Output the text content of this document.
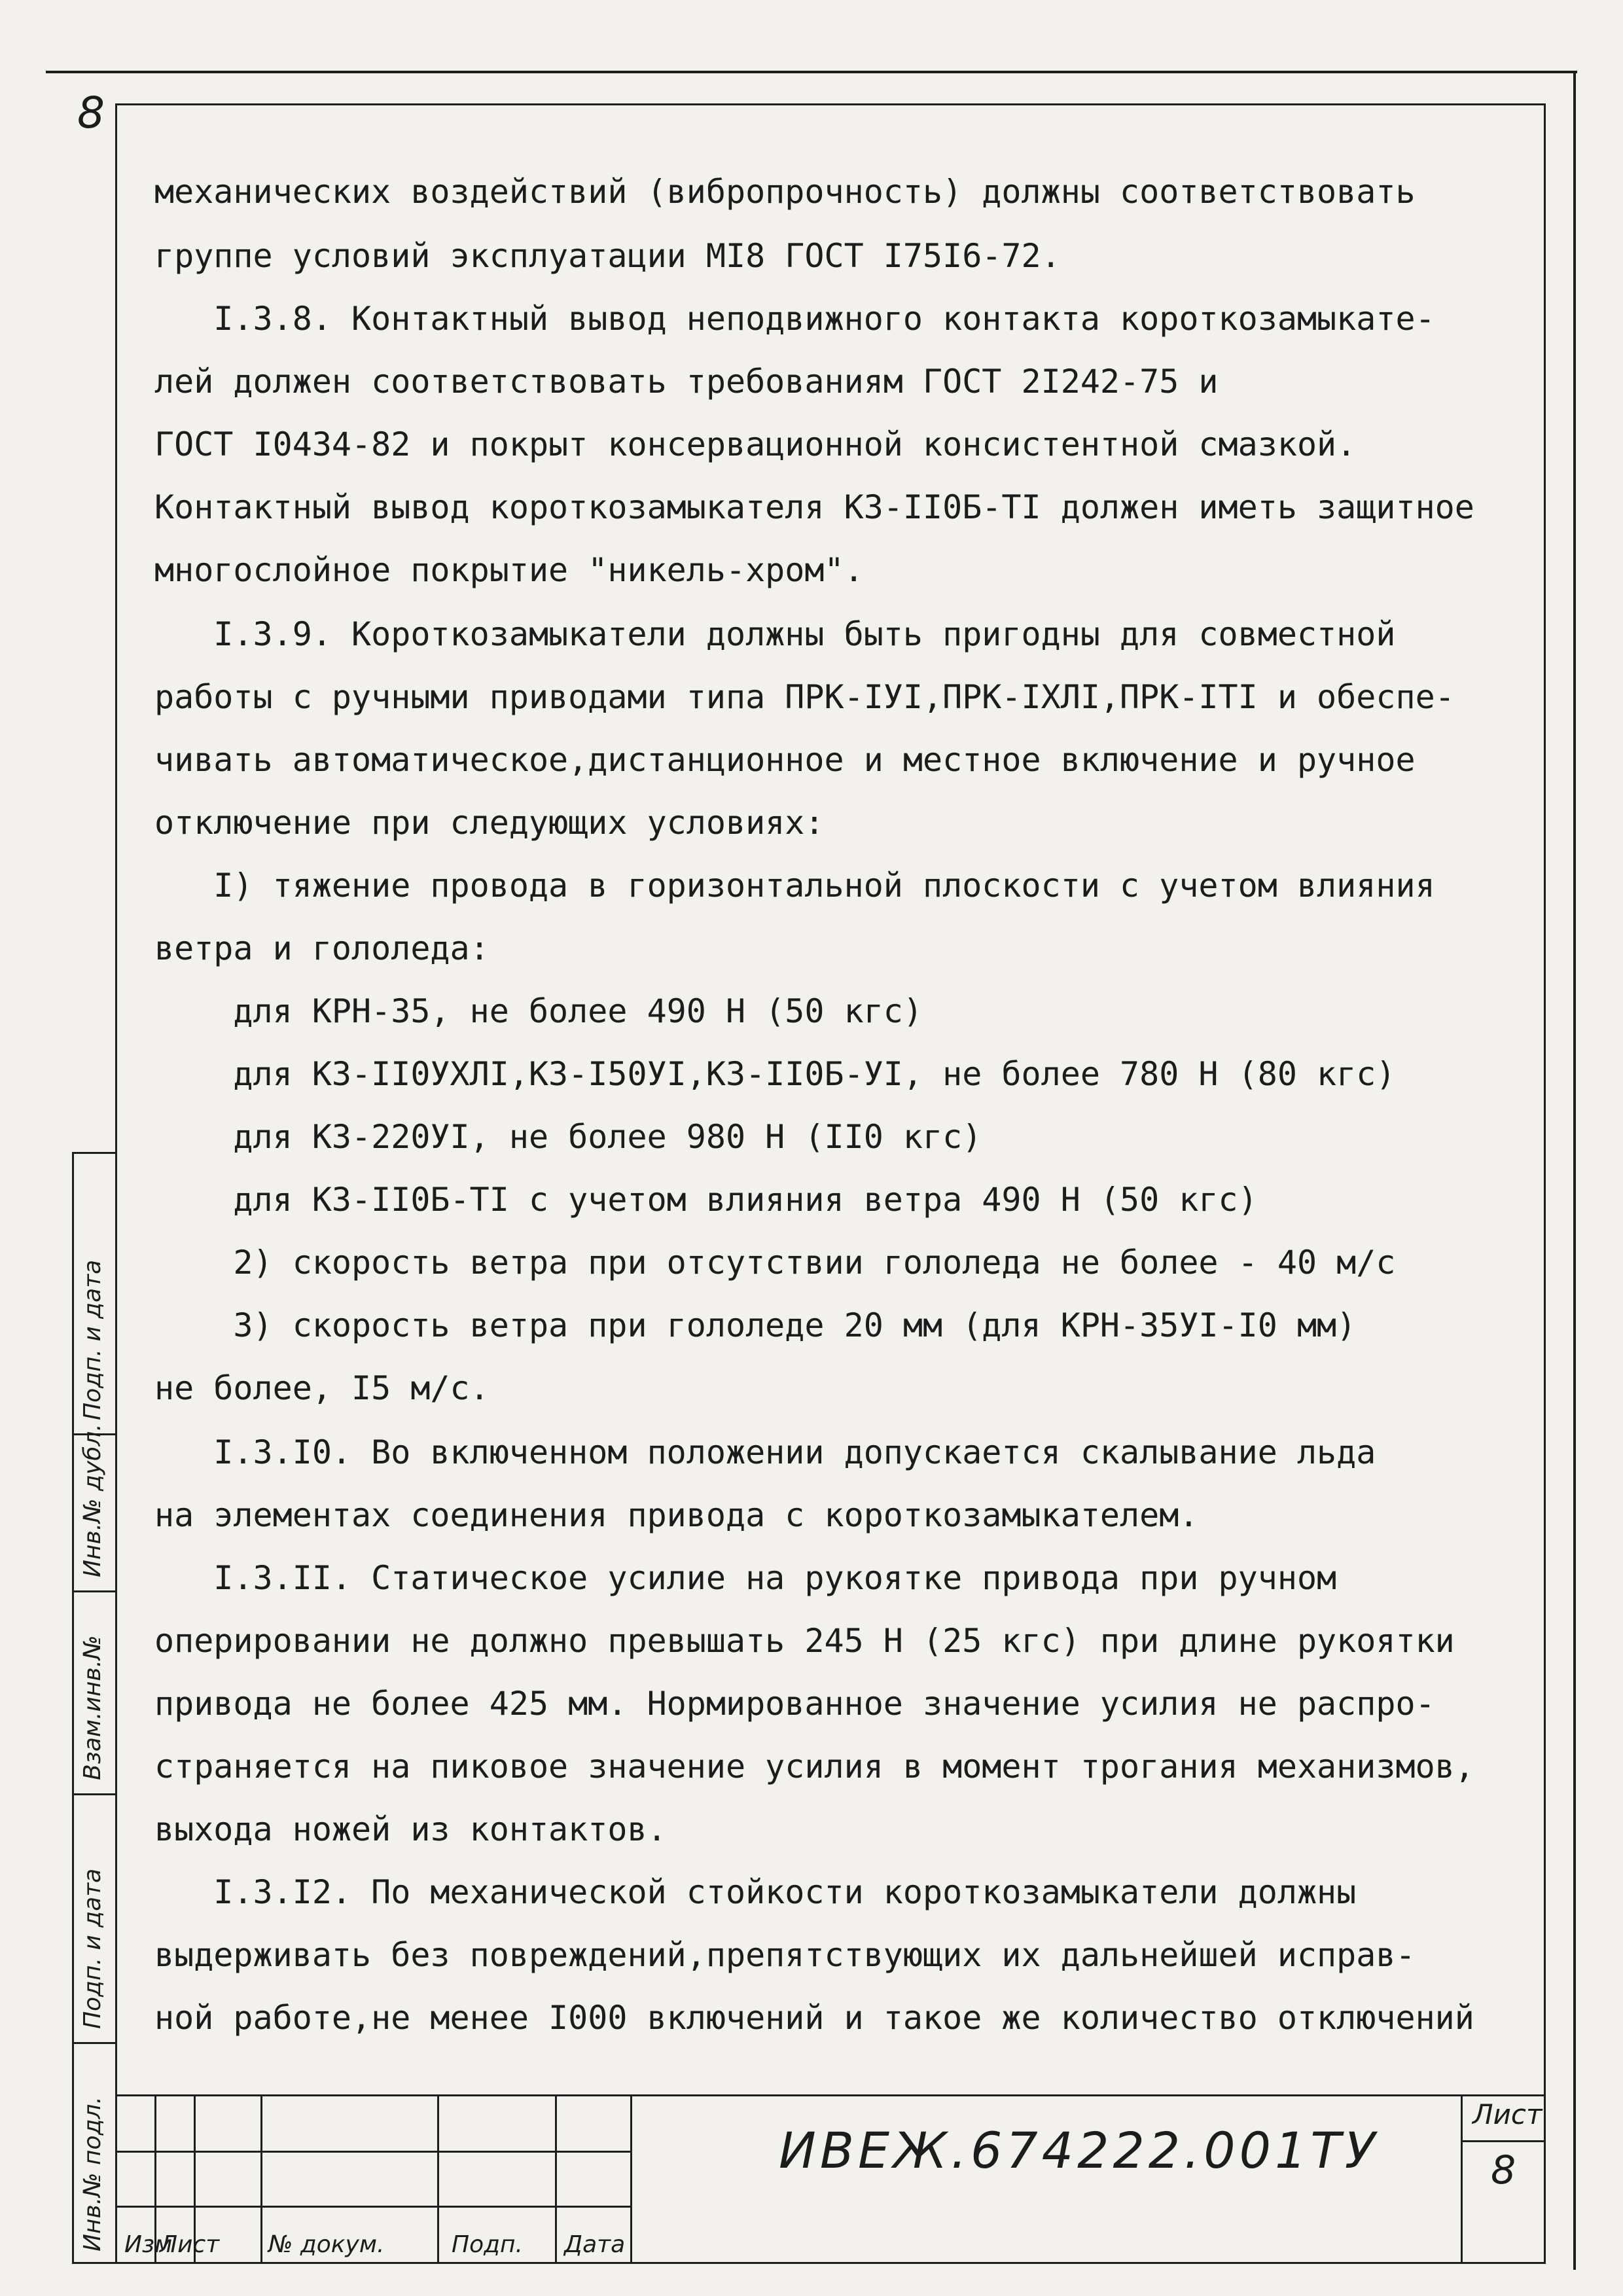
8
механических воздействий (вибропрочность) должны соответствовать
группе условий эксплуатации МI8 ГОСТ I75I6-72.
I.3.8. Контактный вывод неподвижного контакта короткозамыкате-
лей должен соответствовать требованиям ГОСТ 2I242-75 и
ГОСТ I0434-82 и покрыт консервационной консистентной смазкой.
Контактный вывод короткозамыкателя КЗ-II0Б-ТI должен иметь защитное
многослойное покрытие "никель-хром".
I.3.9. Короткозамыкатели должны быть пригодны для совместной
работы с ручными приводами типа ПРК-IУI,ПРК-IХЛI,ПРК-IТI и обеспе-
чивать автоматическое,дистанционное и местное включение и ручное
отключение при следующих условиях:
I) тяжение провода в горизонтальной плоскости с учетом влияния
ветра и гололеда:
для КРН-35, не более 490 Н (50 кгс)
для КЗ-II0УХЛI,КЗ-I50УI,КЗ-II0Б-УI, не более 780 Н (80 кгс)
для КЗ-220УI, не более 980 Н (II0 кгс)
для КЗ-II0Б-ТI с учетом влияния ветра 490 Н (50 кгс)
2) скорость ветра при отсутствии гололеда не более - 40 м/с
3) скорость ветра при гололеде 20 мм (для КРН-35УI-I0 мм)
не более, I5 м/с.
I.3.I0. Во включенном положении допускается скалывание льда
на элементах соединения привода с короткозамыкателем.
I.3.II. Статическое усилие на рукоятке привода при ручном
оперировании не должно превышать 245 Н (25 кгс) при длине рукоятки
привода не более 425 мм. Нормированное значение усилия не распро-
страняется на пиковое значение усилия в момент трогания механизмов,
выхода ножей из контактов.
I.3.I2. По механической стойкости короткозамыкатели должны
выдерживать без повреждений,препятствующих их дальнейшей исправ-
ной работе,не менее I000 включений и такое же количество отключений
Инв.№ подл.
Подп. и дата
Взам.инв.№
Инв.№ дубл.
Подп. и дата
Изм
Лист № докум.	Подп. Дата
ИВЕЖ.674222.001ТУ
Лист
8
